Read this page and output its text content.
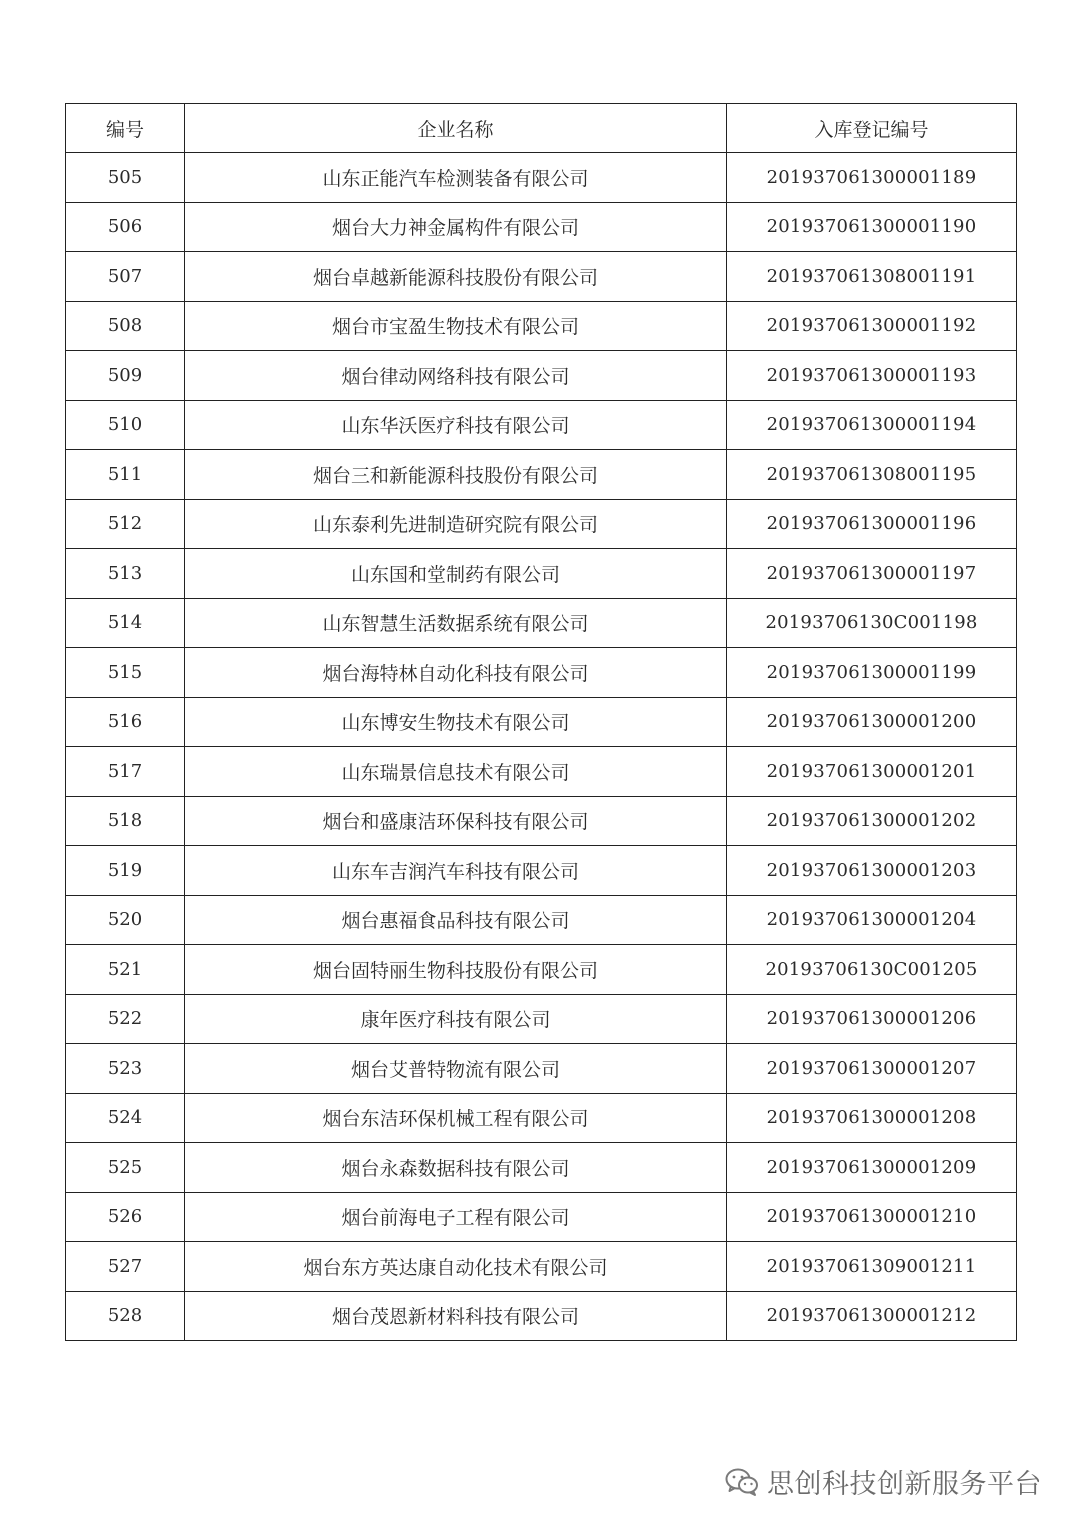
编号	企业名称	入库登记编号
505	山东正能汽车检测装备有限公司	201937061300001189
506	烟台大力神金属构件有限公司	201937061300001190
507	烟台卓越新能源科技股份有限公司	201937061308001191
508	烟台市宝盈生物技术有限公司	201937061300001192
509	烟台律动网络科技有限公司	201937061300001193
510	山东华沃医疗科技有限公司	201937061300001194
511	烟台三和新能源科技股份有限公司	201937061308001195
512	山东泰利先进制造研究院有限公司	201937061300001196
513	山东国和堂制药有限公司	201937061300001197
514	山东智慧生活数据系统有限公司	20193706130C001198
515	烟台海特林自动化科技有限公司	201937061300001199
516	山东博安生物技术有限公司	201937061300001200
517	山东瑞景信息技术有限公司	201937061300001201
518	烟台和盛康洁环保科技有限公司	201937061300001202
519	山东车吉润汽车科技有限公司	201937061300001203
520	烟台惠福食品科技有限公司	201937061300001204
521	烟台固特丽生物科技股份有限公司	20193706130C001205
522	康年医疗科技有限公司	201937061300001206
523	烟台艾普特物流有限公司	201937061300001207
524	烟台东洁环保机械工程有限公司	201937061300001208
525	烟台永森数据科技有限公司	201937061300001209
526	烟台前海电子工程有限公司	201937061300001210
527	烟台东方英达康自动化技术有限公司	201937061309001211
528	烟台茂恩新材料科技有限公司	201937061300001212
思创科技创新服务平台
